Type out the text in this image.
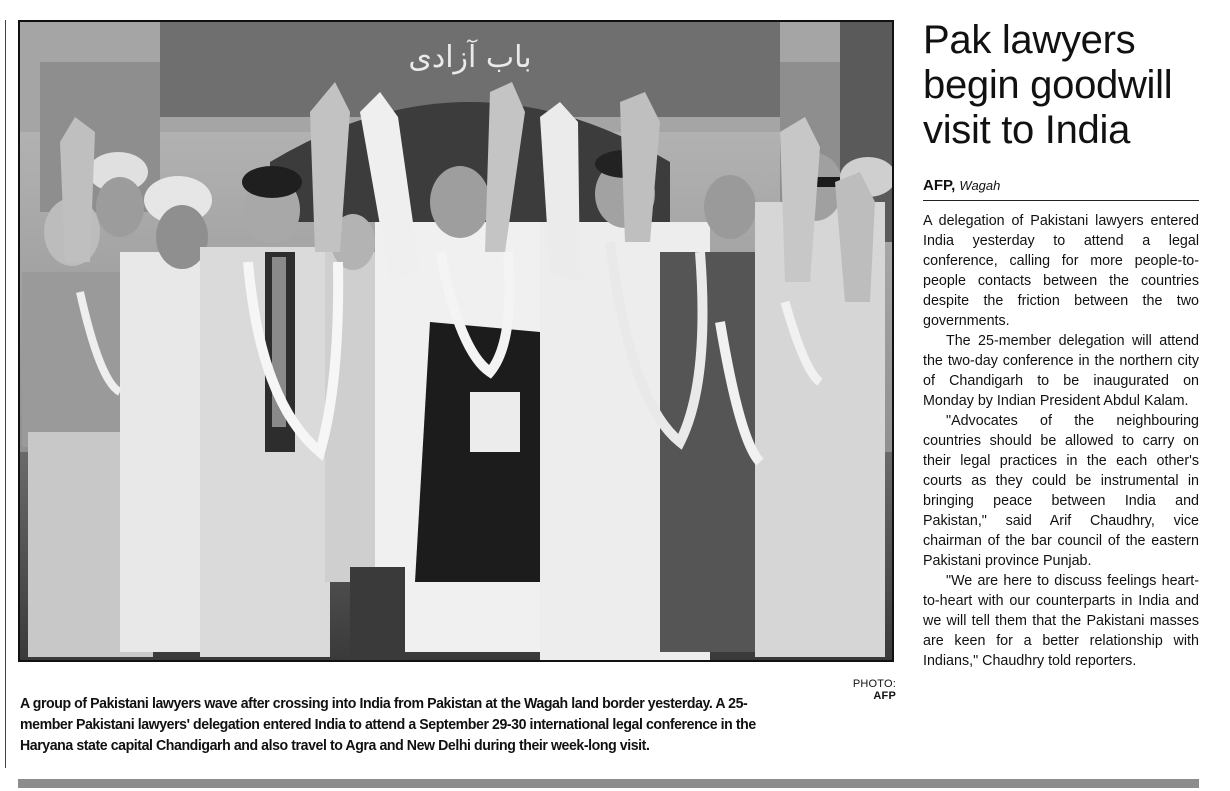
باب آزادی
PHOTO: AFP
A group of Pakistani lawyers wave after crossing into India from Pakistan at the Wagah land border yesterday. A 25-
member Pakistani lawyers' delegation entered India to attend a September 29-30 international legal conference in the
Haryana state capital Chandigarh and also travel to Agra and New Delhi during their week-long visit.
Pak lawyers
begin goodwill
visit to India
AFP, Wagah

A delegation of Pakistani lawyers entered India yesterday to attend a legal conference, calling for more people-to-people contacts between the countries despite the friction between the two governments.

The 25-member delegation will attend the two-day conference in the northern city of Chandigarh to be inaugurated on Monday by Indian President Abdul Kalam.

"Advocates of the neighbouring countries should be allowed to carry on their legal practices in the each other's courts as they could be instrumental in bringing peace between India and Pakistan," said Arif Chaudhry, vice chairman of the bar council of the eastern Pakistani province Punjab.

"We are here to discuss feelings heart-to-heart with our counterparts in India and we will tell them that the Pakistani masses are keen for a better relationship with Indians," Chaudhry told reporters.
